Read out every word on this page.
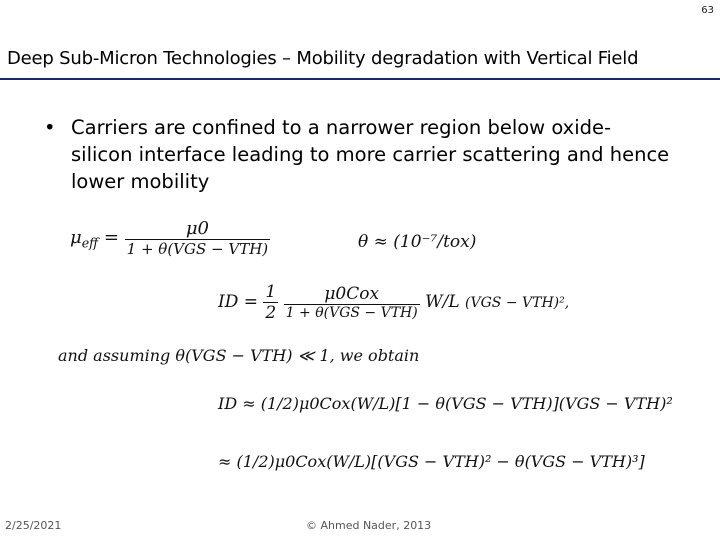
63
Deep Sub-Micron Technologies – Mobility degradation with Vertical Field
• Carriers are confined to a narrower region below oxide-silicon interface leading to more carrier scattering and hence lower mobility
$\mu_{eff} = \frac{\mu 0}{\text{1 + θ(VGS − VTH)}}$	θ ≈ (10⁻⁷/tox)
ID = $\frac{1}{2}$
$\frac{\text{μ0Cox}}{\text{1 + θ(VGS − VTH)}} W/L$ (VGS − VTH)²,
and assuming θ(VGS − VTH) ≪ 1, we obtain
ID ≈ (1/2)μ0Cox(W/L)[1 − θ(VGS − VTH)](VGS − VTH)²
≈ (1/2)μ0Cox(W/L)[(VGS − VTH)² − θ(VGS − VTH)³]
2/25/2021	© Ahmed Nader, 2013
